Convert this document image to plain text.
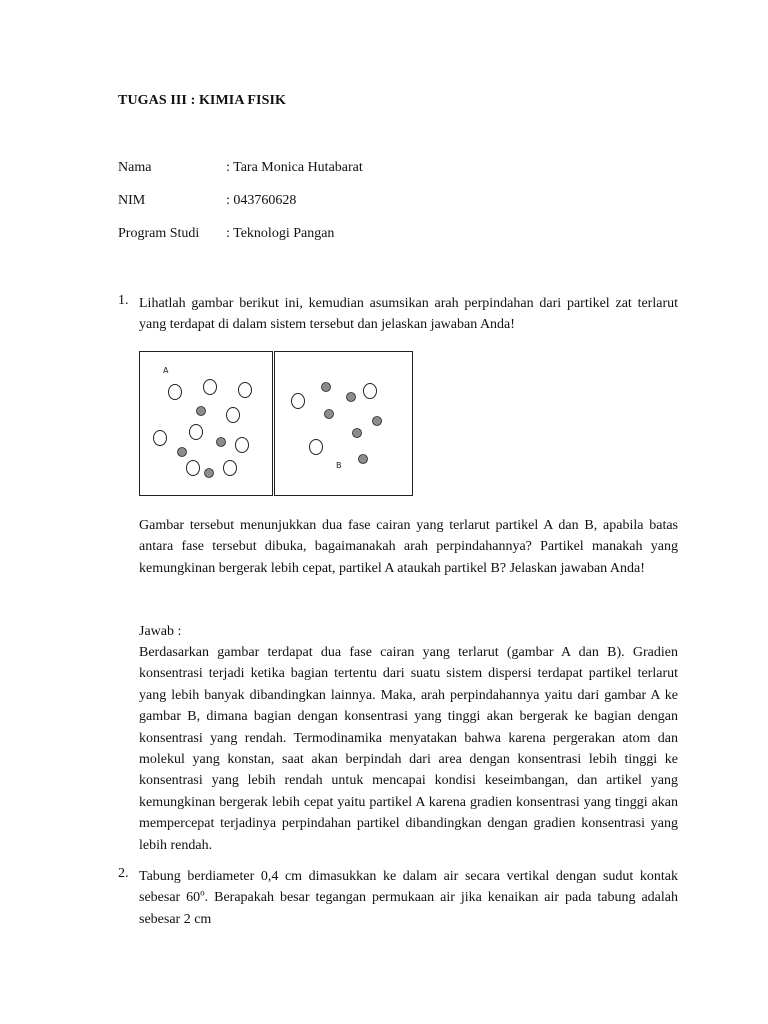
TUGAS III : KIMIA FISIK
Nama	: Tara Monica Hutabarat
NIM	: 043760628
Program Studi : Teknologi Pangan
1. Lihatlah gambar berikut ini, kemudian asumsikan arah perpindahan dari partikel zat terlarut yang terdapat di dalam sistem tersebut dan jelaskan jawaban Anda!

A
B

Gambar tersebut menunjukkan dua fase cairan yang terlarut partikel A dan B, apabila batas antara fase tersebut dibuka, bagaimanakah arah perpindahannya? Partikel manakah yang kemungkinan bergerak lebih cepat, partikel A ataukah partikel B? Jelaskan jawaban Anda!

Jawab :

Berdasarkan gambar terdapat dua fase cairan yang terlarut (gambar A dan B). Gradien konsentrasi terjadi ketika bagian tertentu dari suatu sistem dispersi terdapat partikel terlarut yang lebih banyak dibandingkan lainnya. Maka, arah perpindahannya yaitu dari gambar A ke gambar B, dimana bagian dengan konsentrasi yang tinggi akan bergerak ke bagian dengan konsentrasi yang rendah. Termodinamika menyatakan bahwa karena pergerakan atom dan molekul yang konstan, saat akan berpindah dari area dengan konsentrasi lebih tinggi ke konsentrasi yang lebih rendah untuk mencapai kondisi keseimbangan, dan artikel yang kemungkinan bergerak lebih cepat yaitu partikel A karena gradien konsentrasi yang tinggi akan mempercepat terjadinya perpindahan partikel dibandingkan dengan gradien konsentrasi yang lebih rendah.

2. Tabung berdiameter 0,4 cm dimasukkan ke dalam air secara vertikal dengan sudut kontak sebesar 60$^o$. Berapakah besar tegangan permukaan air jika kenaikan air pada tabung adalah sebesar 2 cm
